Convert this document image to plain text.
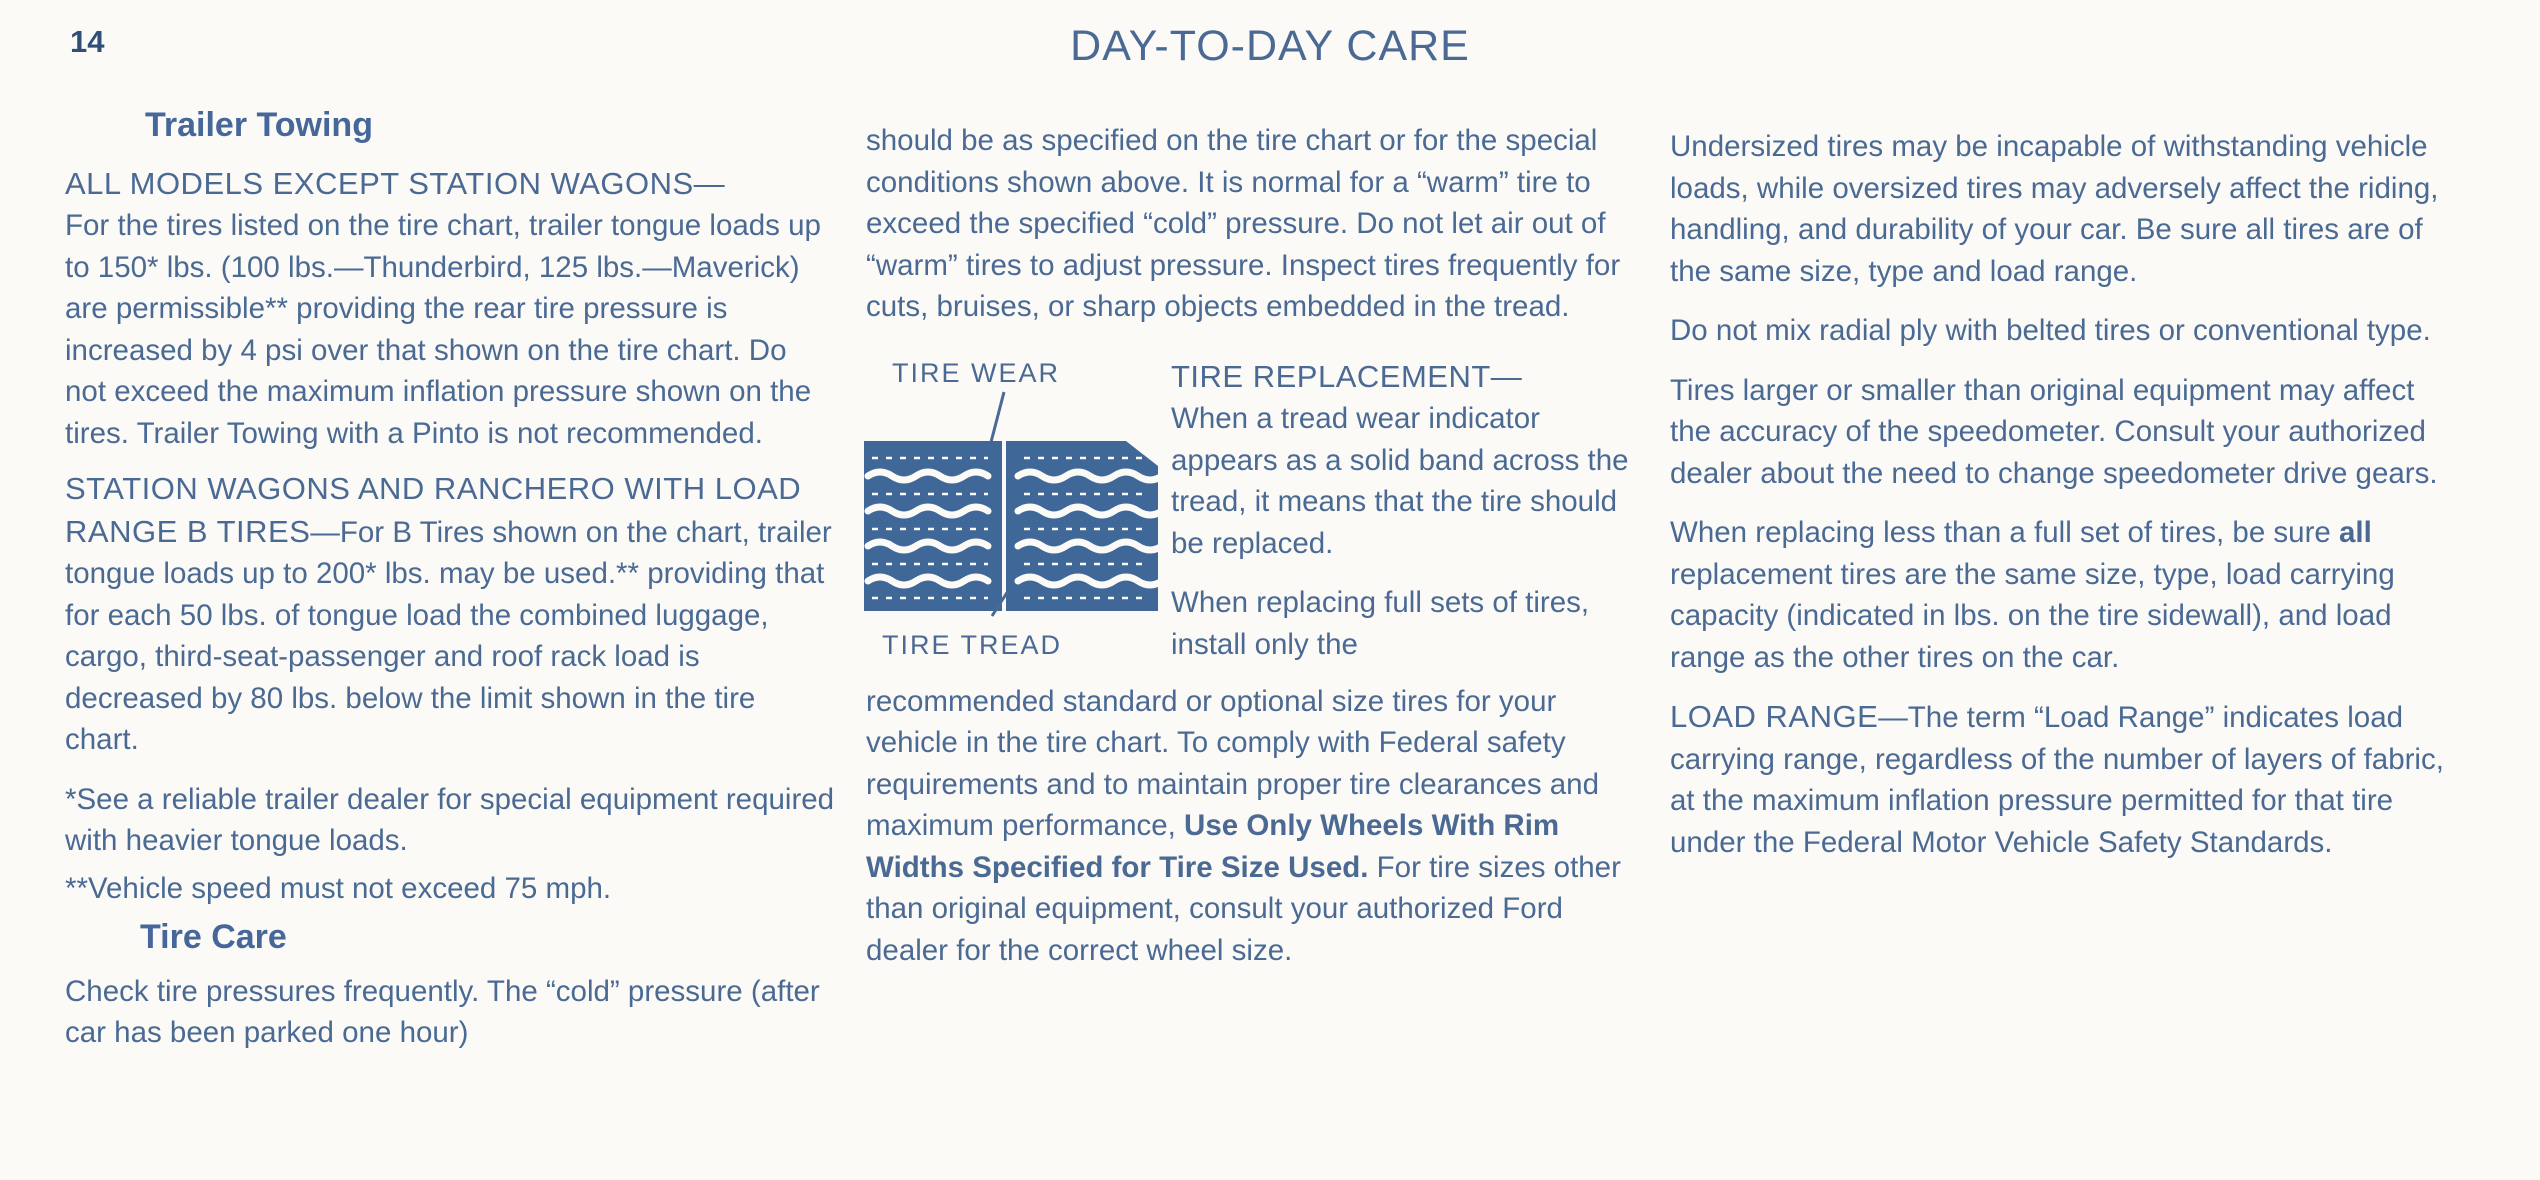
14	DAY-TO-DAY CARE
Trailer Towing

ALL MODELS EXCEPT STATION WAGONS—
For the tires listed on the tire chart, trailer tongue loads up to 150* lbs. (100 lbs.—Thunderbird, 125 lbs.—Maverick) are permissible** providing the rear tire pressure is increased by 4 psi over that shown on the tire chart. Do not exceed the maximum inflation pressure shown on the tires. Trailer Towing with a Pinto is not recommended.

STATION WAGONS AND RANCHERO WITH LOAD RANGE B TIRES—For B Tires shown on the chart, trailer tongue loads up to 200* lbs. may be used.** providing that for each 50 lbs. of tongue load the combined luggage, cargo, third-seat-passenger and roof rack load is decreased by 80 lbs. below the limit shown in the tire chart.

*See a reliable trailer dealer for special equipment required with heavier tongue loads.

**Vehicle speed must not exceed 75 mph.

Tire Care

Check tire pressures frequently. The “cold” pressure (after car has been parked one hour)

should be as specified on the tire chart or for the special conditions shown above. It is normal for a “warm” tire to exceed the specified “cold” pressure. Do not let air out of “warm” tires to adjust pressure. Inspect tires frequently for cuts, bruises, or sharp objects embedded in the tread.

TIRE WEAR
TIRE TREAD

TIRE REPLACEMENT—
When a tread wear indicator appears as a solid band across the tread, it means that the tire should be replaced.

When replacing full sets of tires, install only the

recommended standard or optional size tires for your vehicle in the tire chart. To comply with Federal safety requirements and to maintain proper tire clearances and maximum performance, Use Only Wheels With Rim Widths Specified for Tire Size Used. For tire sizes other than original equipment, consult your authorized Ford dealer for the correct wheel size.

Undersized tires may be incapable of withstanding vehicle loads, while oversized tires may adversely affect the riding, handling, and durability of your car. Be sure all tires are of the same size, type and load range.

Do not mix radial ply with belted tires or conventional type.

Tires larger or smaller than original equipment may affect the accuracy of the speedometer. Consult your authorized dealer about the need to change speedometer drive gears.

When replacing less than a full set of tires, be sure all replacement tires are the same size, type, load carrying capacity (indicated in lbs. on the tire sidewall), and load range as the other tires on the car.

LOAD RANGE—The term “Load Range” indicates load carrying range, regardless of the number of layers of fabric, at the maximum inflation pressure permitted for that tire under the Federal Motor Vehicle Safety Standards.
